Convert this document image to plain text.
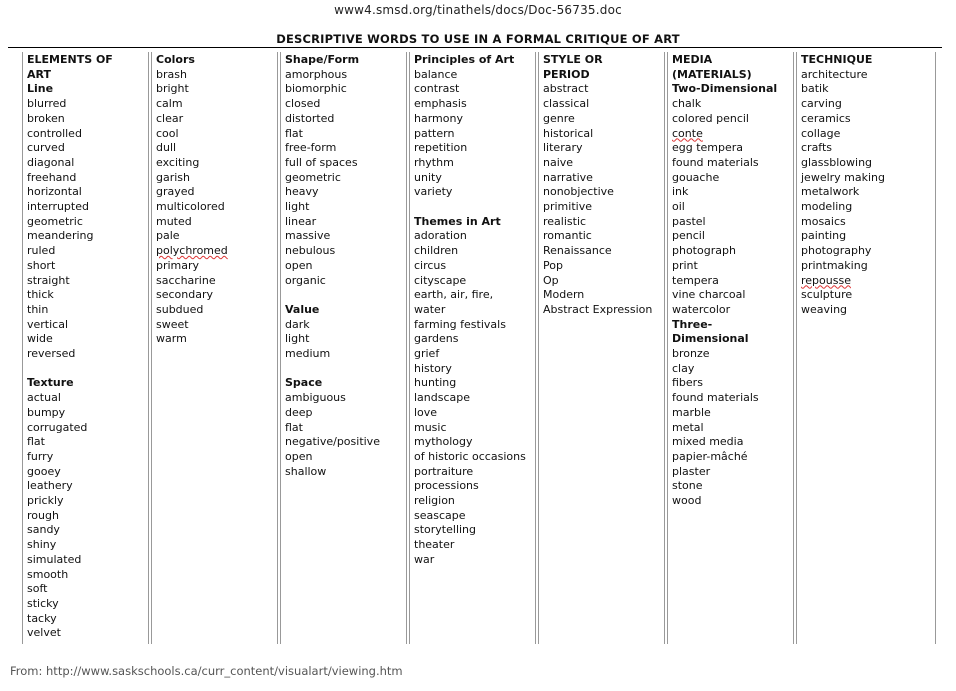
www4.smsd.org/tinathels/docs/Doc-56735.doc
DESCRIPTIVE WORDS TO USE IN A FORMAL CRITIQUE OF ART
ELEMENTS OF
ART
Line
blurred
broken
controlled
curved
diagonal
freehand
horizontal
interrupted
geometric
meandering
ruled
short
straight
thick
thin
vertical
wide
reversed
Texture
actual
bumpy
corrugated
flat
furry
gooey
leathery
prickly
rough
sandy
shiny
simulated
smooth
soft
sticky
tacky
velvet
Colors
brash
bright
calm
clear
cool
dull
exciting
garish
grayed
multicolored
muted
pale
polychromed
primary
saccharine
secondary
subdued
sweet
warm
Shape/Form
amorphous
biomorphic
closed
distorted
flat
free-form
full of spaces
geometric
heavy
light
linear
massive
nebulous
open
organic
Value
dark
light
medium
Space
ambiguous
deep
flat
negative/positive
open
shallow
Principles of Art
balance
contrast
emphasis
harmony
pattern
repetition
rhythm
unity
variety
Themes in Art
adoration
children
circus
cityscape
earth, air, fire,
water
farming festivals
gardens
grief
history
hunting
landscape
love
music
mythology
of historic occasions
portraiture
processions
religion
seascape
storytelling
theater
war
STYLE OR
PERIOD
abstract
classical
genre
historical
literary
naive
narrative
nonobjective
primitive
realistic
romantic
Renaissance
Pop
Op
Modern
Abstract Expression
MEDIA
(MATERIALS)
Two-Dimensional
chalk
colored pencil
conte
egg tempera
found materials
gouache
ink
oil
pastel
pencil
photograph
print
tempera
vine charcoal
watercolor
Three-
Dimensional
bronze
clay
fibers
found materials
marble
metal
mixed media
papier-mâché
plaster
stone
wood
TECHNIQUE
architecture
batik
carving
ceramics
collage
crafts
glassblowing
jewelry making
metalwork
modeling
mosaics
painting
photography
printmaking
repousse
sculpture
weaving
From: http://www.saskschools.ca/curr_content/visualart/viewing.htm
